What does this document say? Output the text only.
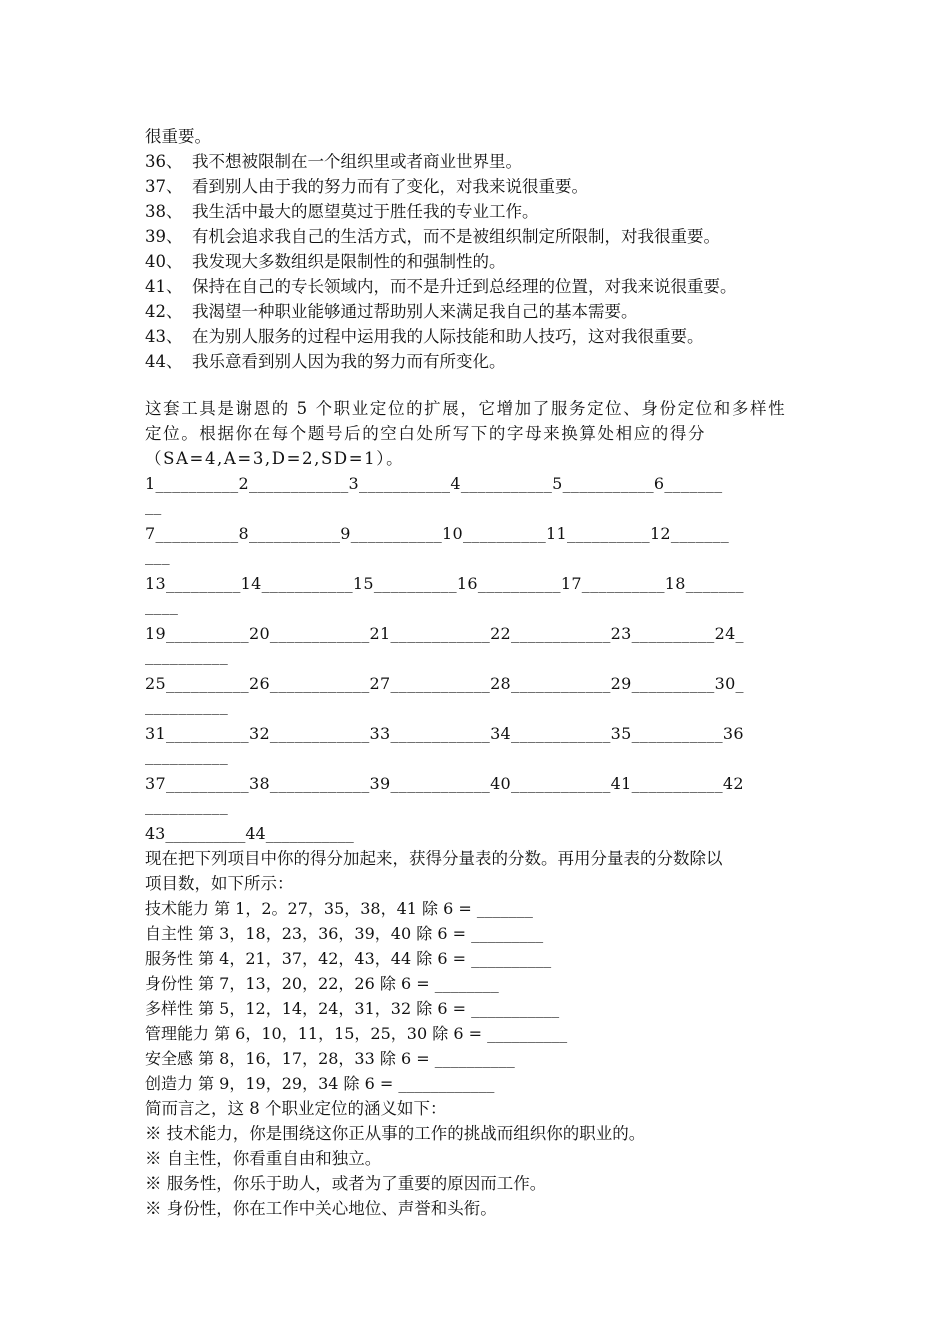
很重要。
36、 我不想被限制在一个组织里或者商业世界里。
37、 看到别人由于我的努力而有了变化，对我来说很重要。
38、 我生活中最大的愿望莫过于胜任我的专业工作。
39、 有机会追求我自己的生活方式，而不是被组织制定所限制，对我很重要。
40、 我发现大多数组织是限制性的和强制性的。
41、 保持在自己的专长领域内，而不是升迁到总经理的位置，对我来说很重要。
42、 我渴望一种职业能够通过帮助别人来满足我自己的基本需要。
43、 在为别人服务的过程中运用我的人际技能和助人技巧，这对我很重要。
44、 我乐意看到别人因为我的努力而有所变化。
这套工具是谢恩的 5 个职业定位的扩展，它增加了服务定位、身份定位和多样性
定位。根据你在每个题号后的空白处所写下的字母来换算处相应的得分
（SA=4,A=3,D=2,SD=1）。
1__________2____________3___________4___________5___________6_______
__
7__________8___________9___________10__________11__________12_______
___
13_________14___________15__________16__________17__________18_______
____
19__________20____________21____________22____________23__________24_
__________
25__________26____________27____________28____________29__________30_
__________
31__________32____________33____________34____________35___________36
__________
37__________38____________39____________40____________41___________42
__________
43__________44___________
现在把下列项目中你的得分加起来，获得分量表的分数。再用分量表的分数除以
项目数，如下所示：
技术能力 第 1，2。27，35，38，41 除 6 = _______
自主性 第 3，18，23，36，39，40 除 6 = _________
服务性 第 4，21，37，42，43，44 除 6 = __________
身份性 第 7，13，20，22，26 除 6 = ________
多样性 第 5，12，14，24，31，32 除 6 = ___________
管理能力 第 6，10，11，15，25，30 除 6 = __________
安全感 第 8，16，17，28，33 除 6 = __________
创造力 第 9，19，29，34 除 6 = ____________
简而言之，这 8 个职业定位的涵义如下：
※ 技术能力，你是围绕这你正从事的工作的挑战而组织你的职业的。
※ 自主性，你看重自由和独立。
※ 服务性，你乐于助人，或者为了重要的原因而工作。
※ 身份性，你在工作中关心地位、声誉和头衔。
